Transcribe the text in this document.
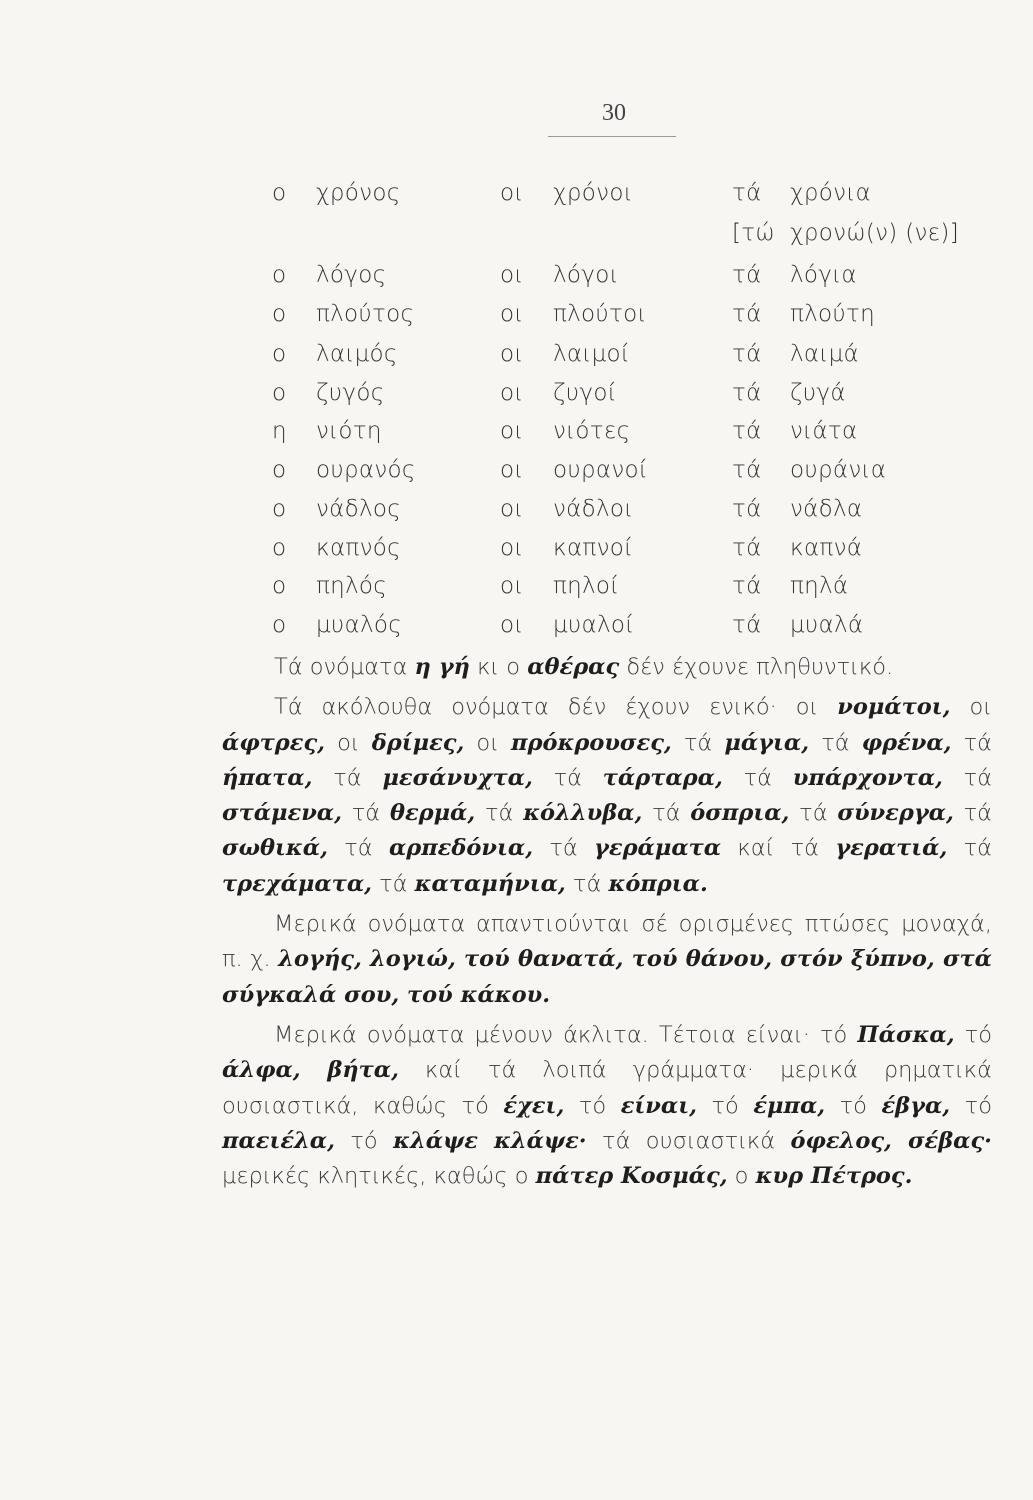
30
ο χρόνος	οι χρόνοι	τά χρόνια
[τώ χρονώ(ν) (νε)]
ο λόγος	οι λόγοι	τά λόγια
ο πλούτος	οι πλούτοι	τά πλούτη
ο λαιμός	οι λαιμοί	τά λαιμά
ο ζυγός	οι ζυγοί	τά ζυγά
η νιότη	οι νιότες	τά νιάτα
ο ουρανός	οι ουρανοί	τά ουράνια
ο νάδλος	οι νάδλοι	τά νάδλα
ο καπνός	οι καπνοί	τά καπνά
ο πηλός	οι πηλοί	τά πηλά
ο μυαλός	οι μυαλοί	τά μυαλά

Τά ονόματα η γή κι ο αθέρας δέν έχουνε πληθυντικό.

Τά ακόλουθα ονόματα δέν έχουν ενικό· οι νομάτοι, οι άφτρες, οι δρίμες, οι πρόκρουσες, τά μάγια, τά φρένα, τά ήπατα, τά μεσάνυχτα, τά τάρταρα, τά υπάρχοντα, τά στάμενα, τά θερμά, τά κόλλυβα, τά όσπρια, τά σύνεργα, τά σωθικά, τά αρπεδόνια, τά γεράματα καί τά γερατιά, τά τρεχάματα, τά καταμήνια, τά κόπρια.

Μερικά ονόματα απαντιούνται σέ ορισμένες πτώσες μοναχά, π. χ. λογής, λογιώ, τού θανατά, τού θάνου, στόν ξύπνο, στά σύγκαλά σου, τού κάκου.

Μερικά ονόματα μένουν άκλιτα. Τέτοια είναι· τό Πάσκα, τό άλφα, βήτα, καί τά λοιπά γράμματα· μερικά ρηματικά ουσιαστικά, καθώς τό έχει, τό είναι, τό έμπα, τό έβγα, τό παειέλα, τό κλάψε κλάψε· τά ουσιαστικά όφελος, σέβας· μερικές κλητικές, καθώς ο πάτερ Κοσμάς, ο κυρ Πέτρος.
